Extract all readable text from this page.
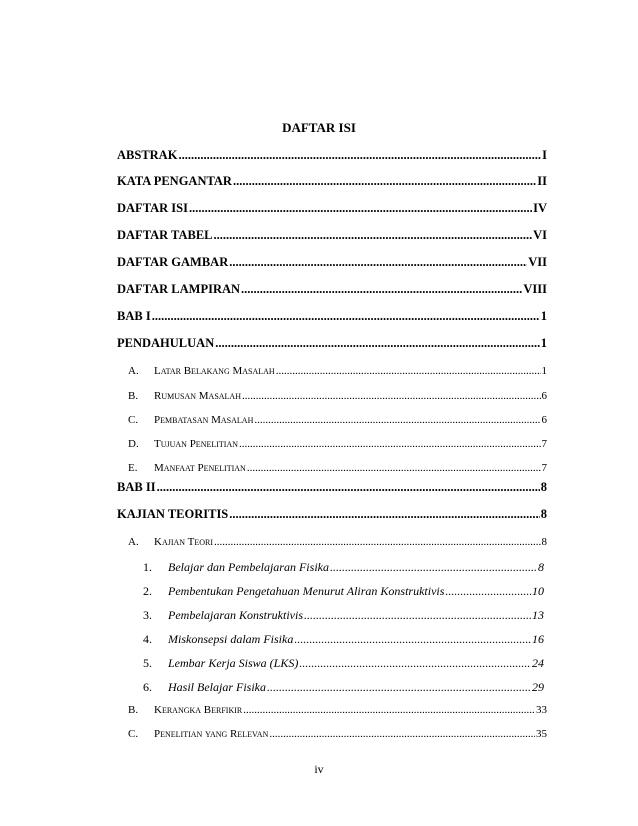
DAFTAR ISI
ABSTRAK .....	I
KATA PENGANTAR .....	II
DAFTAR ISI .....	IV
DAFTAR TABEL .....	VI
DAFTAR GAMBAR .....	VII
DAFTAR LAMPIRAN .....	VIII
BAB I .....	1
PENDAHULUAN .....	1
A.	Latar Belakang Masalah .....	1
B.	Rumusan Masalah .....	6
C.	Pembatasan Masalah .....	6
D.	Tujuan Penelitian .....	7
E.	Manfaat Penelitian .....	7
BAB II .....	8
KAJIAN TEORITIS .....	8
A.	Kajian Teori .....	8
1.	Belajar dan Pembelajaran Fisika .....	8
2.	Pembentukan Pengetahuan Menurut Aliran Konstruktivis .....	10
3.	Pembelajaran Konstruktivis .....	13
4.	Miskonsepsi dalam Fisika .....	16
5.	Lembar Kerja Siswa (LKS) .....	24
6.	Hasil Belajar Fisika .....	29
B.	Kerangka Berfikir .....	33
C.	Penelitian yang Relevan .....	35
iv
